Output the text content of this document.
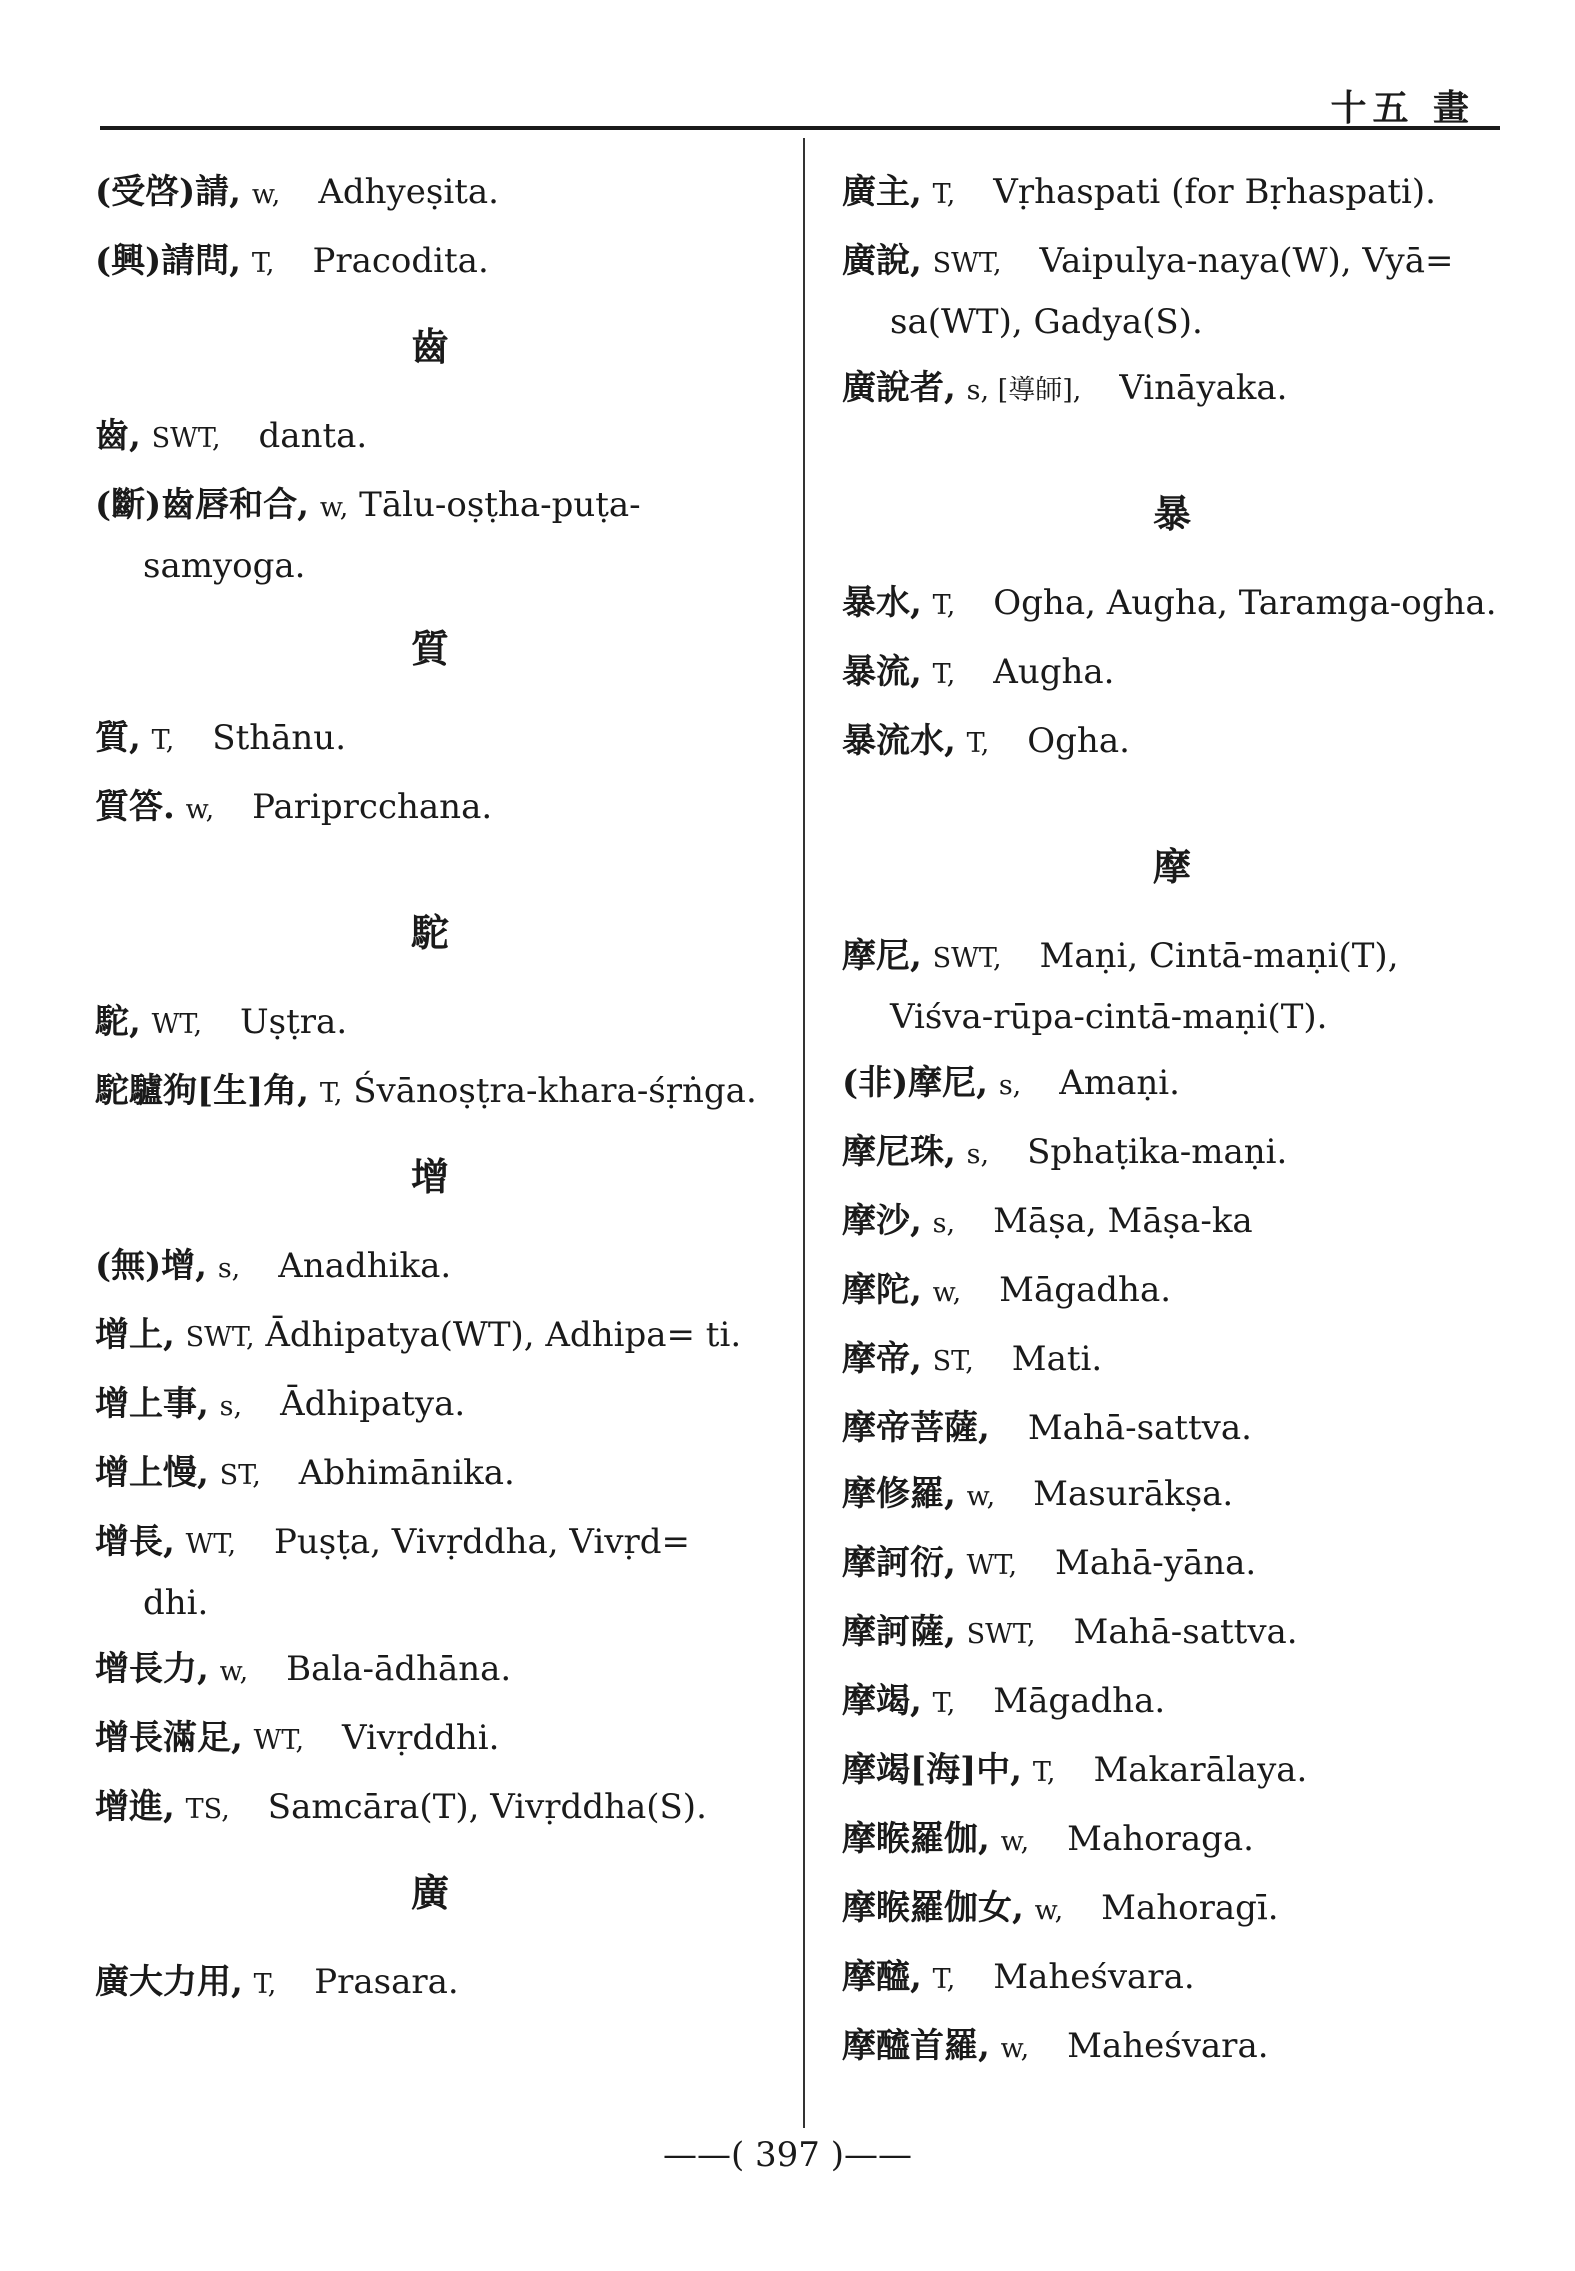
十五 畫
(受啓)請, w, Adhyeṣita.
(興)請問, T, Pracodita.
齒
齒, SWT, danta.
(斷)齒唇和合, w, Tālu-oṣṭha-puṭa-samyoga.
質
質, T, Sthānu.
質答. w, Pariprcchana.
駝
駝, WT, Uṣṭra.
駝驢狗[生]角, T, Śvānoṣṭra-khara-śṛṅga.
增
(無)增, s, Anadhika.
增上, SWT, Ādhipatya(WT), Adhipa= ti.
增上事, s, Ādhipatya.
增上慢, ST, Abhimānika.
增長, WT, Puṣṭa, Vivṛddha, Vivṛd= dhi.
增長力, w, Bala-ādhāna.
增長滿足, WT, Vivṛddhi.
增進, TS, Samcāra(T), Vivṛddha(S).
廣
廣大力用, T, Prasara.
廣主, T, Vṛhaspati (for Bṛhaspati).
廣說, SWT, Vaipulya-naya(W), Vyā= sa(WT), Gadya(S).
廣說者, s, [導師], Vināyaka.
暴
暴水, T, Ogha, Augha, Taramga-ogha.
暴流, T, Augha.
暴流水, T, Ogha.
摩
摩尼, SWT, Maṇi, Cintā-maṇi(T), Viśva-rūpa-cintā-maṇi(T).
(非)摩尼, s, Amaṇi.
摩尼珠, s, Sphaṭika-maṇi.
摩沙, s, Māṣa, Māṣa-ka
摩陀, w, Māgadha.
摩帝, ST, Mati.
摩帝菩薩, Mahā-sattva.
摩修羅, w, Masurākṣa.
摩訶衍, WT, Mahā-yāna.
摩訶薩, SWT, Mahā-sattva.
摩竭, T, Māgadha.
摩竭[海]中, T, Makarālaya.
摩睺羅伽, w, Mahoraga.
摩睺羅伽女, w, Mahoragī.
摩醯, T, Maheśvara.
摩醯首羅, w, Maheśvara.
——( 397 )——
